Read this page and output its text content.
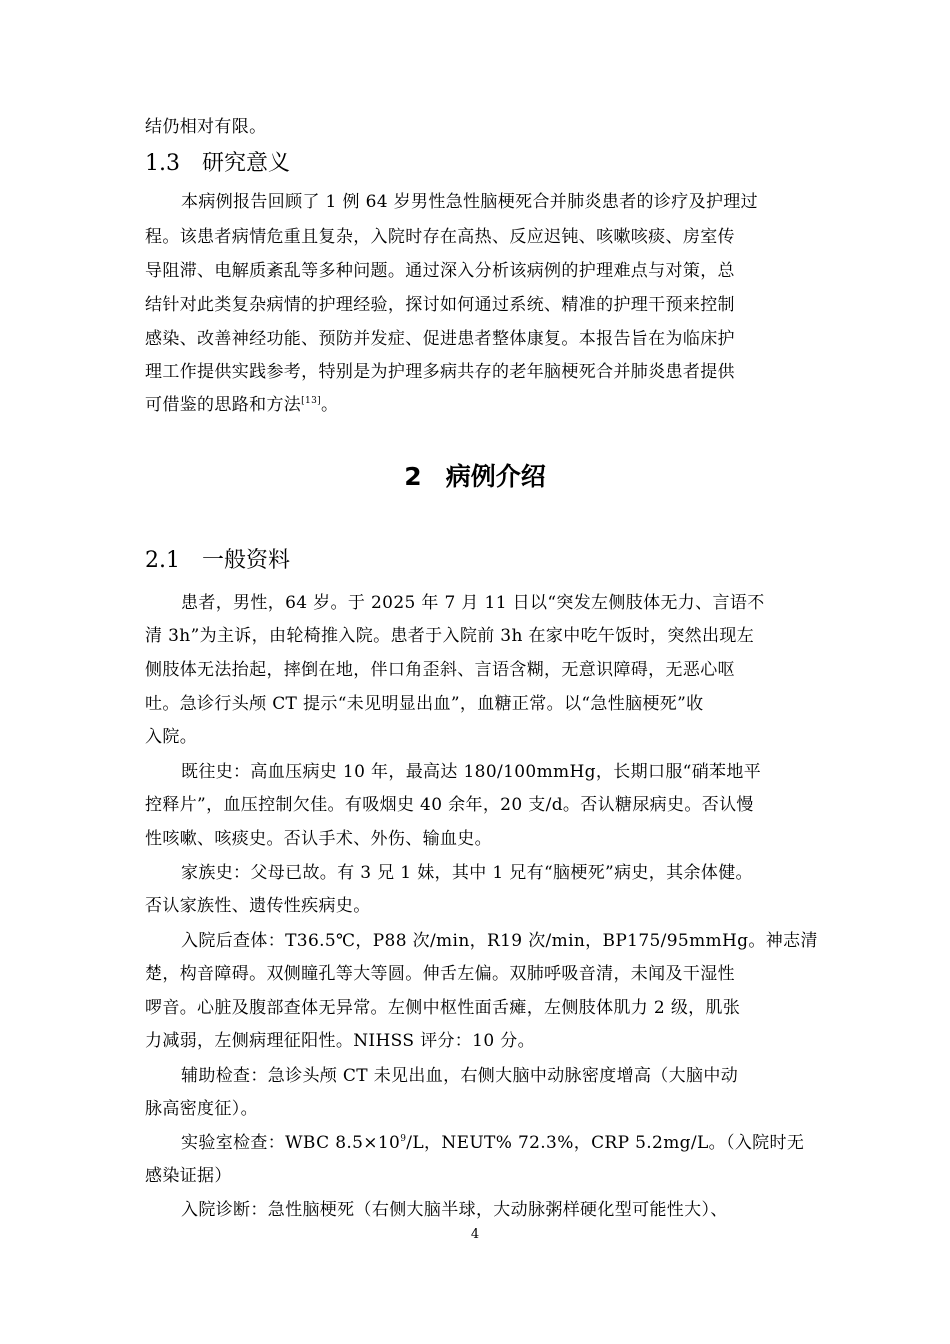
结仍相对有限。
1.3 研究意义
本病例报告回顾了 1 例 64 岁男性急性脑梗死合并肺炎患者的诊疗及护理过
程。该患者病情危重且复杂，入院时存在高热、反应迟钝、咳嗽咳痰、房室传
导阻滞、电解质紊乱等多种问题。通过深入分析该病例的护理难点与对策，总
结针对此类复杂病情的护理经验，探讨如何通过系统、精准的护理干预来控制
感染、改善神经功能、预防并发症、促进患者整体康复。本报告旨在为临床护
理工作提供实践参考，特别是为护理多病共存的老年脑梗死合并肺炎患者提供
可借鉴的思路和方法[13]。
2 病例介绍
2.1 一般资料
患者，男性，64 岁。于 2025 年 7 月 11 日以“突发左侧肢体无力、言语不
清 3h”为主诉，由轮椅推入院。患者于入院前 3h 在家中吃午饭时，突然出现左
侧肢体无法抬起，摔倒在地，伴口角歪斜、言语含糊，无意识障碍，无恶心呕
吐。急诊行头颅 CT 提示“未见明显出血”，血糖正常。以“急性脑梗死”收
入院。
既往史：高血压病史 10 年，最高达 180/100mmHg，长期口服“硝苯地平
控释片”，血压控制欠佳。有吸烟史 40 余年，20 支/d。否认糖尿病史。否认慢
性咳嗽、咳痰史。否认手术、外伤、输血史。
家族史：父母已故。有 3 兄 1 妹，其中 1 兄有“脑梗死”病史，其余体健。
否认家族性、遗传性疾病史。
入院后查体：T36.5℃，P88 次/min，R19 次/min，BP175/95mmHg。神志清
楚，构音障碍。双侧瞳孔等大等圆。伸舌左偏。双肺呼吸音清，未闻及干湿性
啰音。心脏及腹部查体无异常。左侧中枢性面舌瘫，左侧肢体肌力 2 级，肌张
力减弱，左侧病理征阳性。NIHSS 评分：10 分。
辅助检查：急诊头颅 CT 未见出血，右侧大脑中动脉密度增高（大脑中动
脉高密度征）。
实验室检查：WBC $8.5\times 10^9/L$，NEUT% 72.3%，CRP 5.2mg/L。（入院时无
感染证据）
入院诊断：急性脑梗死（右侧大脑半球，大动脉粥样硬化型可能性大）、
4
